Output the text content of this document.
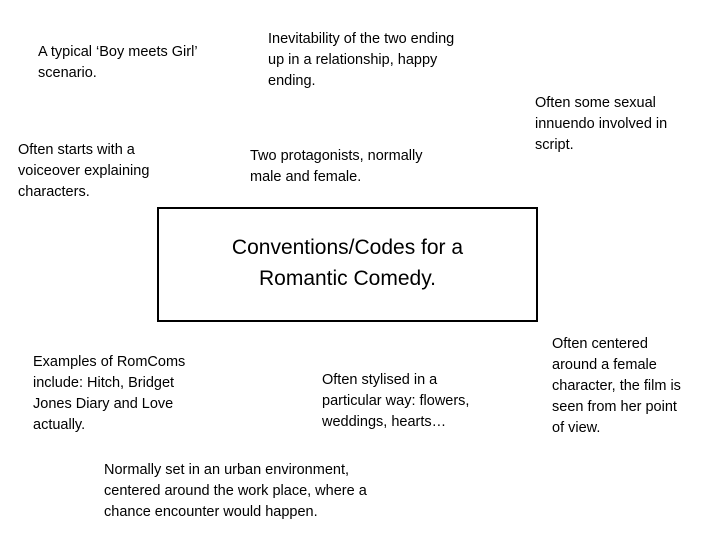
A typical ‘Boy meets Girl’
scenario.
Inevitability of the two ending
up in a relationship, happy
ending.
Often some sexual
innuendo involved in
script.
Often starts with a
voiceover explaining
characters.
Two protagonists, normally
male and female.
Conventions/Codes for a
Romantic Comedy.
Often centered
around a female
character, the film is
seen from her point
of view.
Examples of RomComs
include: Hitch, Bridget
Jones Diary and Love
actually.
Often stylised in a
particular way: flowers,
weddings, hearts…
Normally set in an urban environment,
centered around the work place, where a
chance encounter would happen.
